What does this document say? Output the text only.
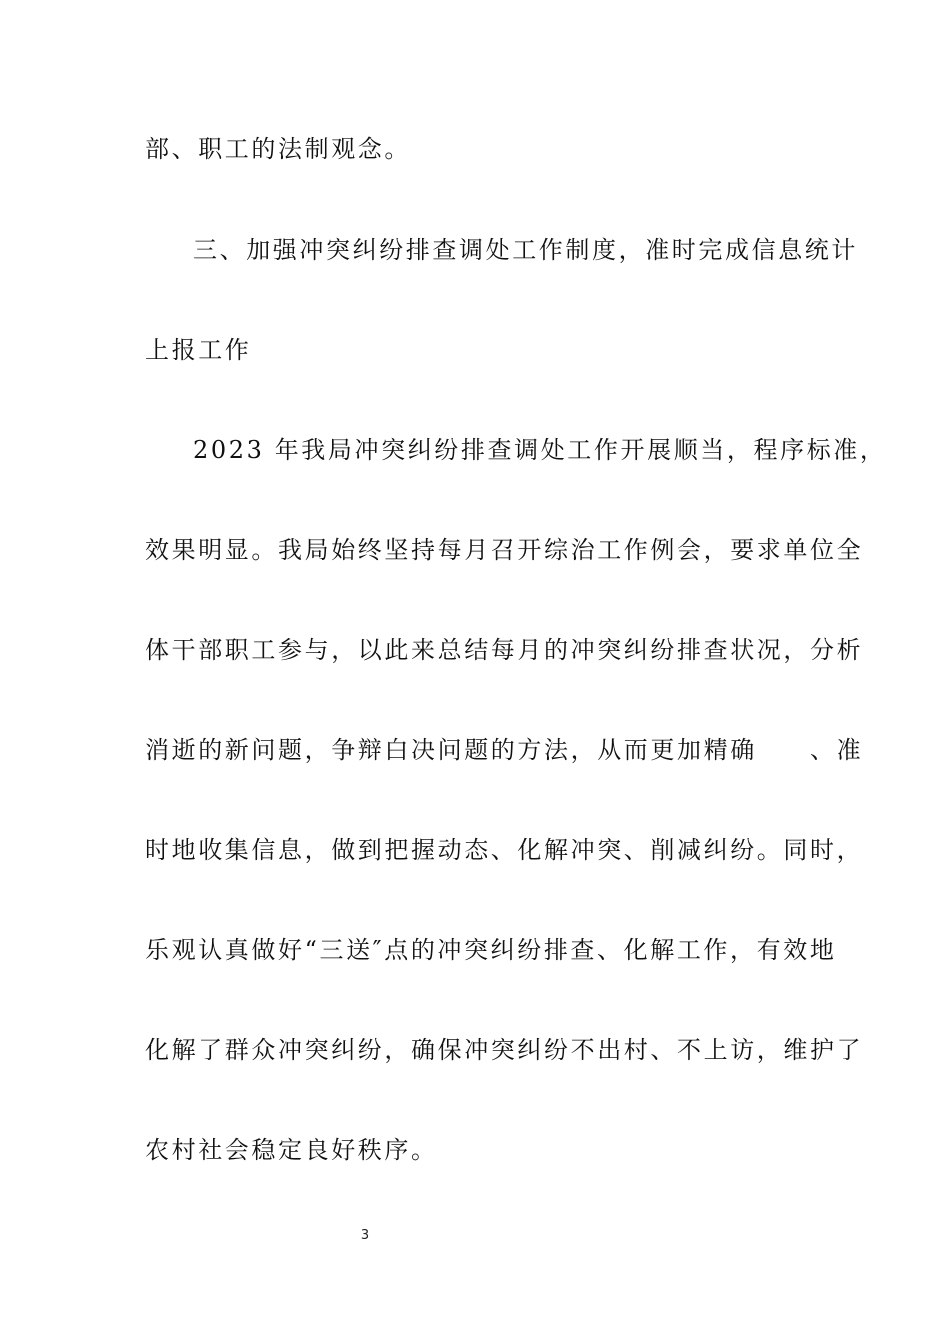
部、职工的法制观念。
三、加强冲突纠纷排查调处工作制度，准时完成信息统计
上报工作
2023 年我局冲突纠纷排查调处工作开展顺当，程序标准，
效果明显。我局始终坚持每月召开综治工作例会，要求单位全
体干部职工参与，以此来总结每月的冲突纠纷排查状况，分析
消逝的新问题，争辩白决问题的方法，从而更加精确　　、准
时地收集信息，做到把握动态、化解冲突、削减纠纷。同时，
乐观认真做好“三送″点的冲突纠纷排查、化解工作，有效地
化解了群众冲突纠纷，确保冲突纠纷不出村、不上访，维护了
农村社会稳定良好秩序。
3
